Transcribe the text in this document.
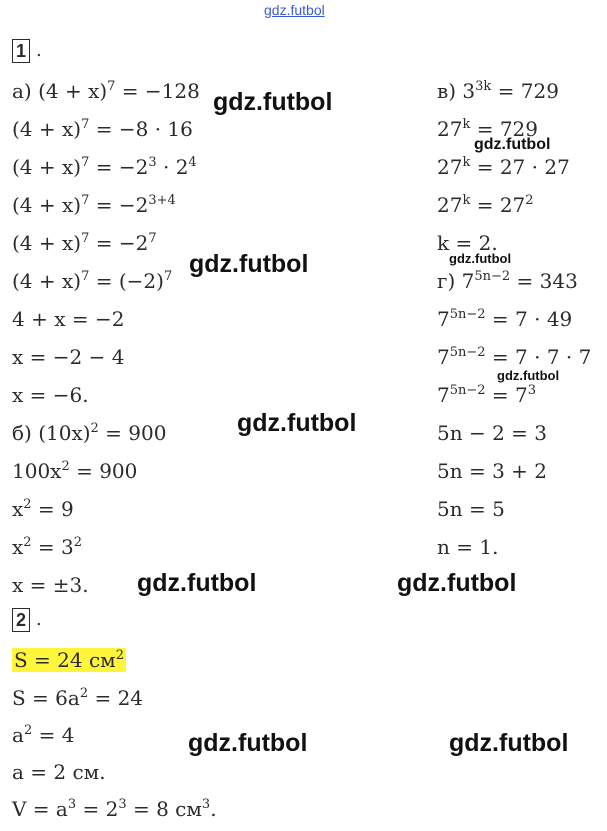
gdz.futbol
1 .
а) $(4 + x)^7 = -128$
$(4 + x)^7 = -8 \cdot 16$
$(4 + x)^7 = -2^3 \cdot 2^4$
$(4 + x)^7 = -2^{3+4}$
$(4 + x)^7 = -2^7$
$(4 + x)^7 = (-2)^7$
4 + x = −2
x = −2 − 4
x = −6.
б) $(10x)^2 = 900$
$100x^2 = 900$
$x^2 = 9$
$x^2 = 3^2$
x = ±3.
в) $3^{3k} = 729$
$27^k = 729$
$27^k = 27 \cdot 27$
$27^k = 27^2$
k = 2.
г) $7^{5n-2} = 343$
$7^{5n-2} = 7 \cdot 49$
$7^{5n-2} = 7 \cdot 7 \cdot 7$
$7^{5n-2} = 7^3$
5n − 2 = 3
5n = 3 + 2
5n = 5
n = 1.
2 .
S = 24 $см^2$
$S = 6a^2 = 24$
$a^2 = 4$
a = 2 см.
$V = a^3 = 2^3 = 8$ $см^3$.
gdz.futbol
gdz.futbol
gdz.futbol
gdz.futbol	gdz.futbol
gdz.futbol	gdz.futbol
gdz.futbol
gdz.futbol
gdz.futbol
